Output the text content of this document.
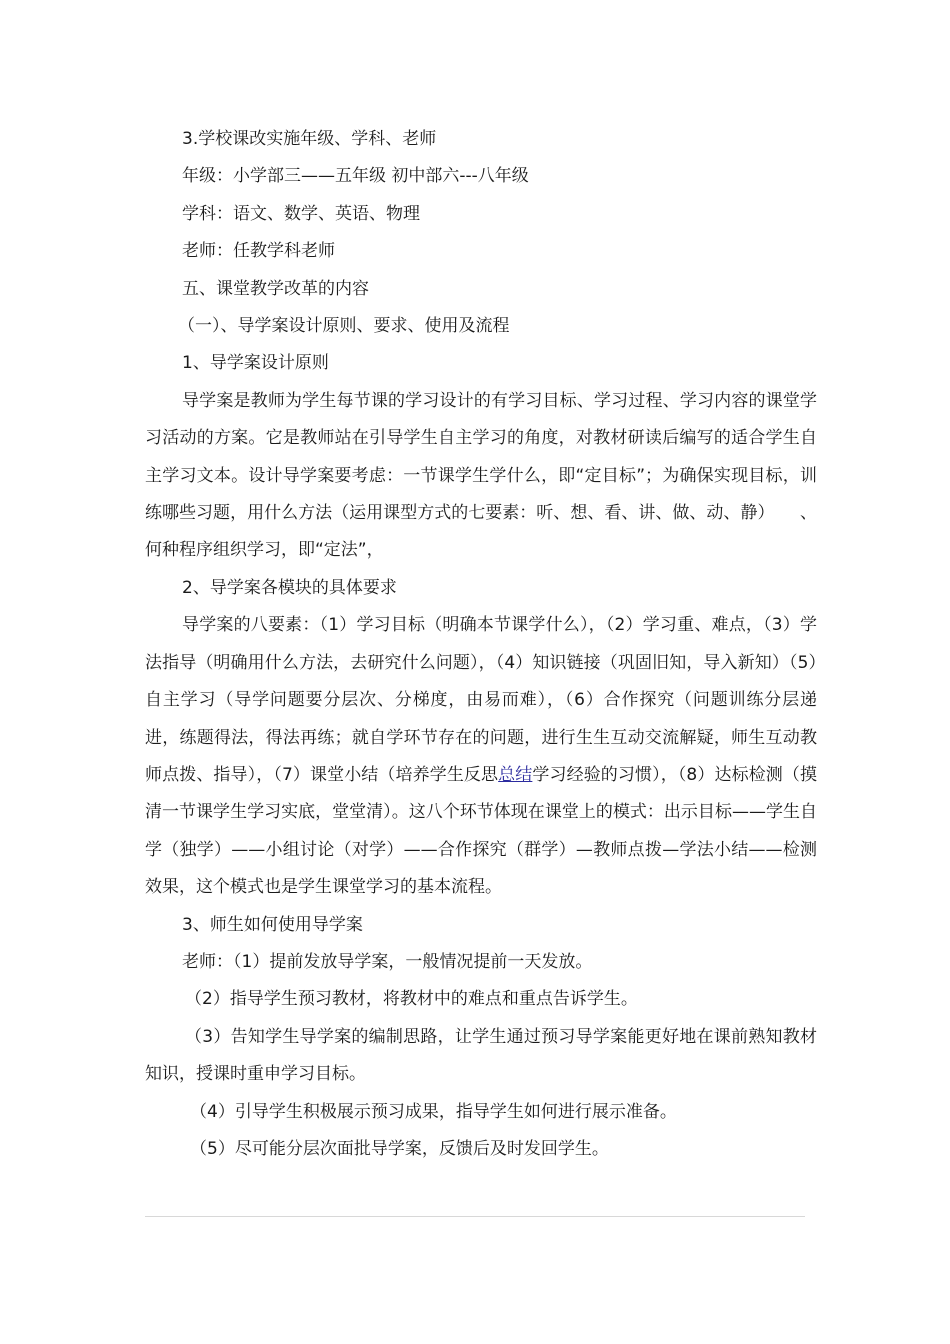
3.学校课改实施年级、学科、老师

年级：小学部三——五年级 初中部六---八年级

学科：语文、数学、英语、物理

老师：任教学科老师

五、课堂教学改革的内容

（一）、导学案设计原则、要求、使用及流程

1、导学案设计原则

导学案是教师为学生每节课的学习设计的有学习目标、学习过程、学习内容的课堂学习活动的方案。它是教师站在引导学生自主学习的角度，对教材研读后编写的适合学生自主学习文本。设计导学案要考虑：一节课学生学什么，即“定目标”；为确保实现目标，训练哪些习题，用什么方法（运用课型方式的七要素：听、想、看、讲、做、动、静）　　、何种程序组织学习，即“定法”，

2、导学案各模块的具体要求

导学案的八要素：（1）学习目标（明确本节课学什么），（2）学习重、难点，（3）学法指导（明确用什么方法，去研究什么问题），（4）知识链接（巩固旧知，导入新知）（5）自主学习（导学问题要分层次、分梯度，由易而难），（6）合作探究（问题训练分层递进，练题得法，得法再练；就自学环节存在的问题，进行生生互动交流解疑，师生互动教师点拨、指导），（7）课堂小结（培养学生反思总结学习经验的习惯），（8）达标检测（摸清一节课学生学习实底，堂堂清）。这八个环节体现在课堂上的模式：出示目标——学生自学（独学）——小组讨论（对学）——合作探究（群学）—教师点拨—学法小结——检测效果，这个模式也是学生课堂学习的基本流程。

3、师生如何使用导学案

老师：（1）提前发放导学案，一般情况提前一天发放。

（2）指导学生预习教材，将教材中的难点和重点告诉学生。

（3）告知学生导学案的编制思路，让学生通过预习导学案能更好地在课前熟知教材知识，授课时重申学习目标。

（4）引导学生积极展示预习成果，指导学生如何进行展示准备。

（5）尽可能分层次面批导学案，反馈后及时发回学生。
